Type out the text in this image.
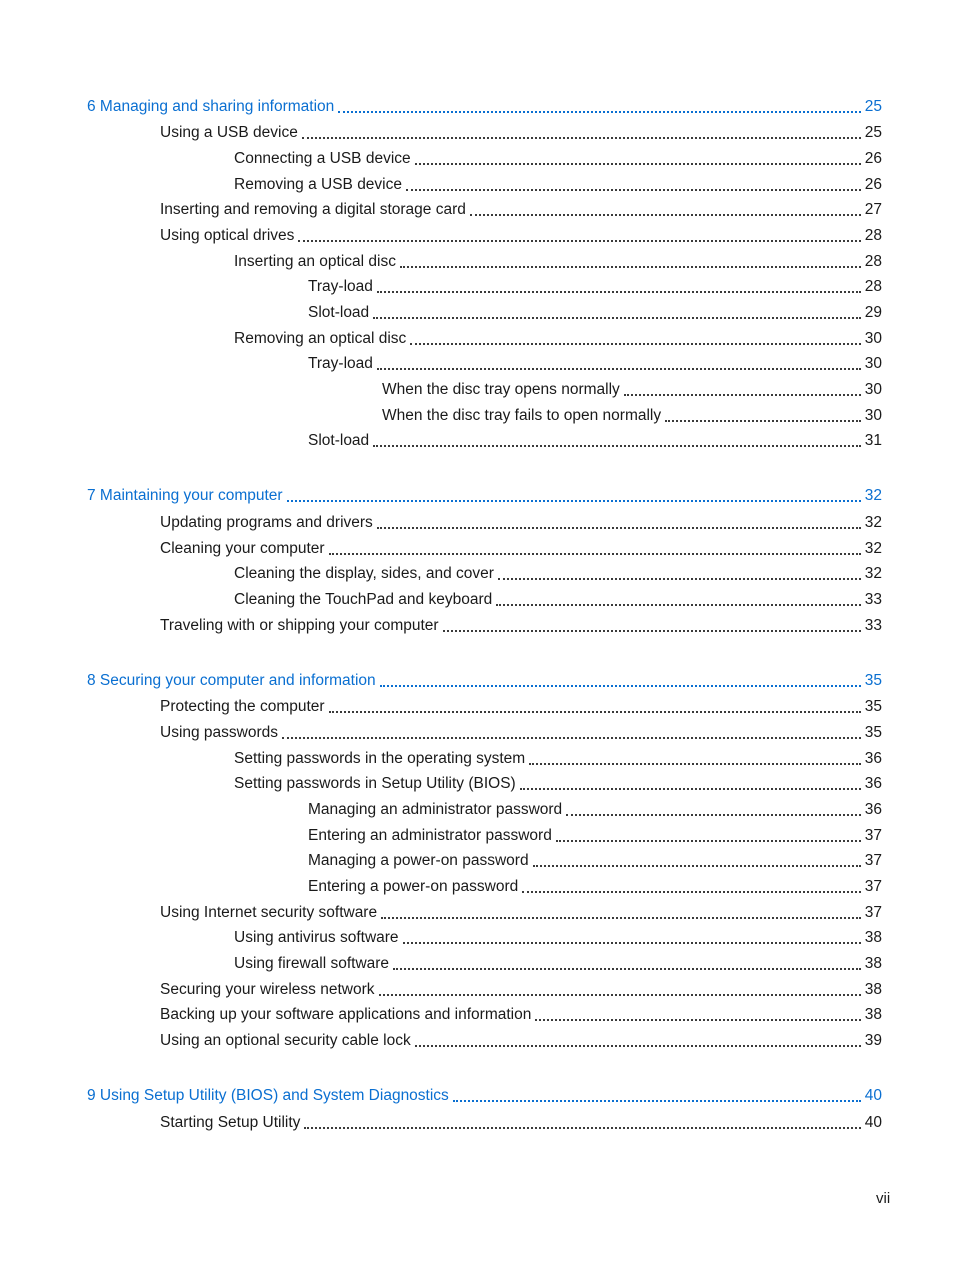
6 Managing and sharing information	25
Using a USB device	25
Connecting a USB device	26
Removing a USB device	26
Inserting and removing a digital storage card	27
Using optical drives	28
Inserting an optical disc	28
Tray-load	28
Slot-load	29
Removing an optical disc	30
Tray-load	30
When the disc tray opens normally	30
When the disc tray fails to open normally	30
Slot-load	31
7 Maintaining your computer	32
Updating programs and drivers	32
Cleaning your computer	32
Cleaning the display, sides, and cover	32
Cleaning the TouchPad and keyboard	33
Traveling with or shipping your computer	33
8 Securing your computer and information	35
Protecting the computer	35
Using passwords	35
Setting passwords in the operating system	36
Setting passwords in Setup Utility (BIOS)	36
Managing an administrator password	36
Entering an administrator password	37
Managing a power-on password	37
Entering a power-on password	37
Using Internet security software	37
Using antivirus software	38
Using firewall software	38
Securing your wireless network	38
Backing up your software applications and information	38
Using an optional security cable lock	39
9 Using Setup Utility (BIOS) and System Diagnostics	40
Starting Setup Utility	40
vii
